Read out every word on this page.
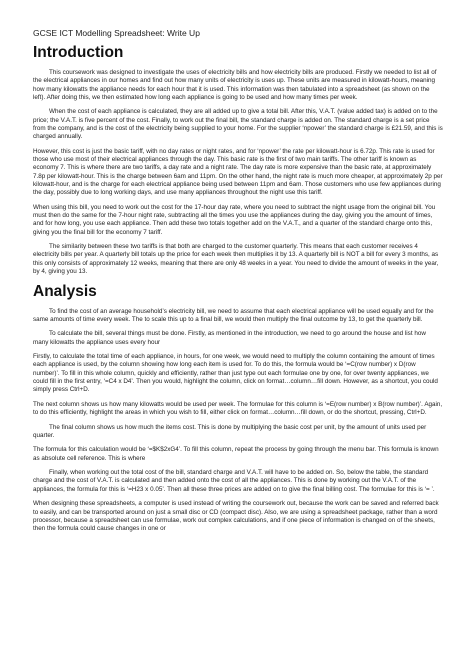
GCSE ICT Modelling Spreadsheet: Write Up
Introduction

This coursework was designed to investigate the uses of electricity bills and how electricity bills are produced. Firstly we needed to list all of the electrical appliances in our homes and find out how many units of electricity is uses up. These units are measured in kilowatt-hours, meaning how many kilowatts the appliance needs for each hour that it is used. This information was then tabulated into a spreadsheet (as shown on the left). After doing this, we then estimated how long each appliance is going to be used and how many times per week.

When the cost of each appliance is calculated, they are all added up to give a total bill. After this, V.A.T. (value added tax) is added on to the price; the V.A.T. is five percent of the cost. Finally, to work out the final bill, the standard charge is added on. The standard charge is a set price from the company, and is the cost of the electricity being supplied to your home. For the supplier ‘npower’ the standard charge is £21.59, and this is charged annually.

However, this cost is just the basic tariff, with no day rates or night rates, and for ‘npower’ the rate per kilowatt-hour is 6.72p. This rate is used for those who use most of their electrical appliances through the day. This basic rate is the first of two main tariffs. The other tariff is known as economy 7. This is where there are two tariffs, a day rate and a night rate. The day rate is more expensive than the basic rate, at approximately 7.8p per kilowatt-hour. This is the charge between 6am and 11pm. On the other hand, the night rate is much more cheaper, at approximately 2p per kilowatt-hour, and is the charge for each electrical appliance being used between 11pm and 6am. Those customers who use few appliances during the day, possibly due to long working days, and use many appliances throughout the night use this tariff.

When using this bill, you need to work out the cost for the 17-hour day rate, where you need to subtract the night usage from the original bill. You must then do the same for the 7-hour night rate, subtracting all the times you use the appliances during the day, giving you the amount of times, and for how long, you use each appliance. Then add these two totals together add on the V.A.T., and a quarter of the standard charge onto this, giving you the final bill for the economy 7 tariff.

The similarity between these two tariffs is that both are charged to the customer quarterly. This means that each customer receives 4 electricity bills per year. A quarterly bill totals up the price for each week then multiplies it by 13. A quarterly bill is NOT a bill for every 3 months, as this only consists of approximately 12 weeks, meaning that there are only 48 weeks in a year. You need to divide the amount of weeks in the year, by 4, giving you 13.

Analysis

To find the cost of an average household’s electricity bill, we need to assume that each electrical appliance will be used equally and for the same amounts of time every week. The to scale this up to a final bill, we would then multiply the final outcome by 13, to get the quarterly bill.

To calculate the bill, several things must be done. Firstly, as mentioned in the introduction, we need to go around the house and list how many kilowatts the appliance uses every hour

Firstly, to calculate the total time of each appliance, in hours, for one week, we would need to multiply the column containing the amount of times each appliance is used, by the column showing how long each item is used for. To do this, the formula would be ‘=C(row number) x D(row number)’. To fill in this whole column, quickly and efficiently, rather than just type out each formulae one by one, for over twenty appliances, we could fill in the first entry, ‘=C4 x D4’. Then you would, highlight the column, click on format…column…fill down. However, as a shortcut, you could simply press Ctrl+D.

The next column shows us how many kilowatts would be used per week. The formulae for this column is ‘=E(row number) x B(row number)’. Again, to do this efficiently, highlight the areas in which you wish to fill, either click on format…column…fill down, or do the shortcut, pressing, Ctrl+D.

The final column shows us how much the items cost. This is done by multiplying the basic cost per unit, by the amount of units used per quarter.

The formula for this calculation would be ‘=$K$2xG4’. To fill this column, repeat the process by going through the menu bar. This formula is known as absolute cell reference. This is where

Finally, when working out the total cost of the bill, standard charge and V.A.T. will have to be added on. So, below the table, the standard charge and the cost of V.A.T. is calculated and then added onto the cost of all the appliances. This is done by working out the V.A.T. of the appliances, the formula for this is ‘=H23 x 0.05’. Then all these three prices are added on to give the final billing cost. The formulae for this is ‘= ’.

When designing these spreadsheets, a computer is used instead of writing the coursework out, because the work can be saved and referred back to easily, and can be transported around on just a small disc or CD (compact disc). Also, we are using a spreadsheet package, rather than a word processor, because a spreadsheet can use formulae, work out complex calculations, and if one piece of information is changed on of the sheets, then the formula could cause changes in one or
